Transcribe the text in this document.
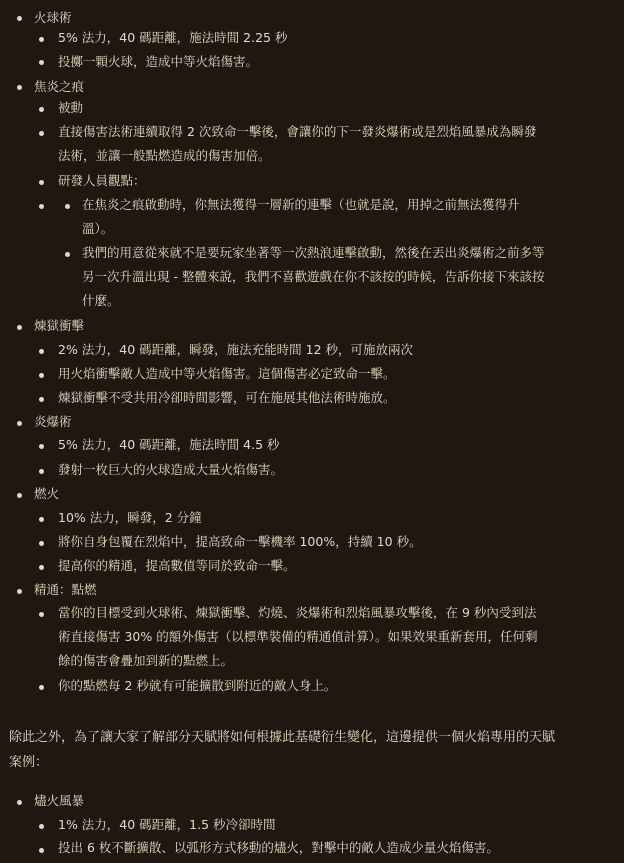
火球術
5% 法力，40 碼距離，施法時間 2.25 秒
投擲一顆火球，造成中等火焰傷害。
焦炎之痕
被動
直接傷害法術連續取得 2 次致命一擊後，會讓你的下一發炎爆術或是烈焰風暴成為瞬發
法術，並讓一般點燃造成的傷害加倍。
研發人員觀點：
在焦炎之痕啟動時，你無法獲得一層新的連擊（也就是說，用掉之前無法獲得升
溫）。
我們的用意從來就不是要玩家坐著等一次熱浪連擊啟動，然後在丟出炎爆術之前多等
另一次升溫出現 - 整體來說，我們不喜歡遊戲在你不該按的時候，告訴你接下來該按
什麼。
煉獄衝擊
2% 法力，40 碼距離，瞬發，施法充能時間 12 秒，可施放兩次
用火焰衝擊敵人造成中等火焰傷害。這個傷害必定致命一擊。
煉獄衝擊不受共用冷卻時間影響，可在施展其他法術時施放。
炎爆術
5% 法力，40 碼距離，施法時間 4.5 秒
發射一枚巨大的火球造成大量火焰傷害。
燃火
10% 法力，瞬發，2 分鐘
將你自身包覆在烈焰中，提高致命一擊機率 100%，持續 10 秒。
提高你的精通，提高數值等同於致命一擊。
精通：點燃
當你的目標受到火球術、煉獄衝擊、灼燒、炎爆術和烈焰風暴攻擊後，在 9 秒內受到法
術直接傷害 30% 的額外傷害（以標準裝備的精通值計算）。如果效果重新套用，任何剩
餘的傷害會疊加到新的點燃上。
你的點燃每 2 秒就有可能擴散到附近的敵人身上。
除此之外，為了讓大家了解部分天賦將如何根據此基礎衍生變化，這邊提供一個火焰專用的天賦
案例：
燼火風暴
1% 法力，40 碼距離，1.5 秒冷卻時間
投出 6 枚不斷擴散、以弧形方式移動的燼火，對擊中的敵人造成少量火焰傷害。
